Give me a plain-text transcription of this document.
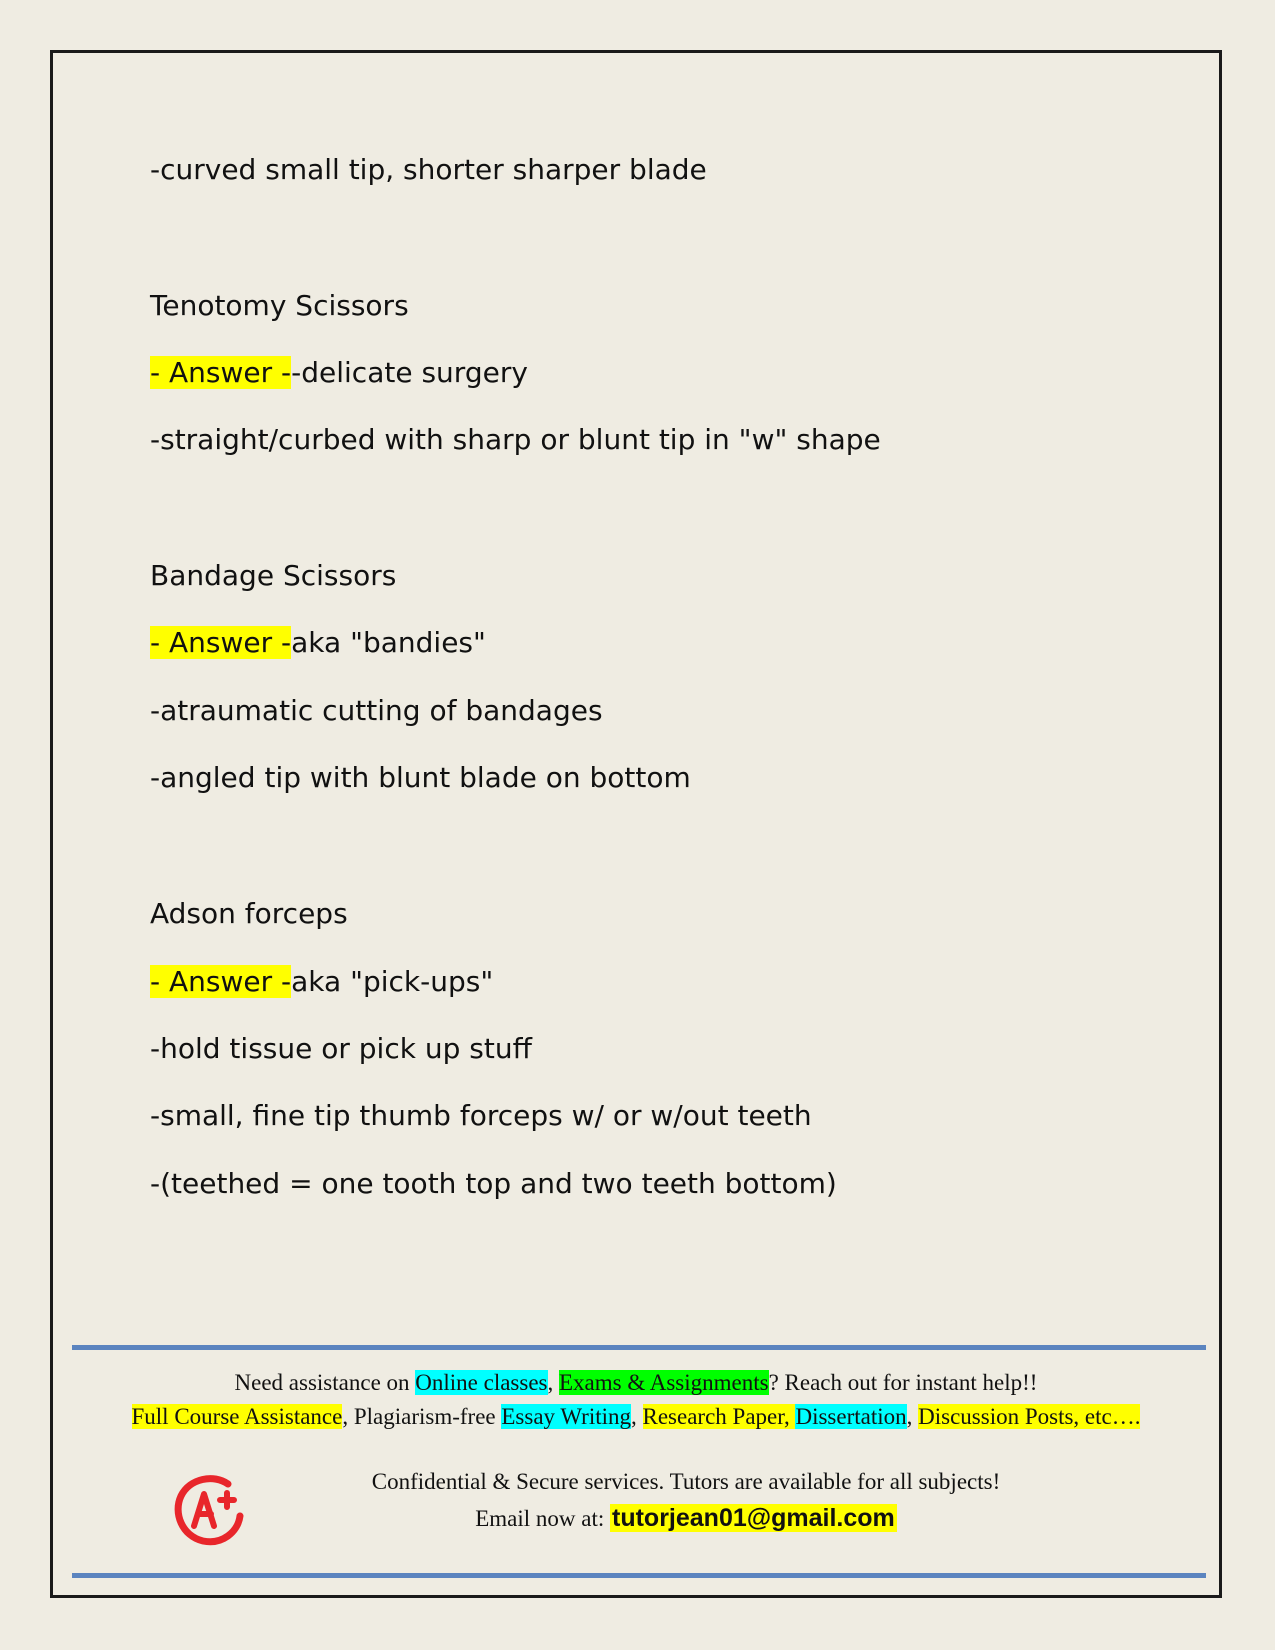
-curved small tip, shorter sharper blade
Tenotomy Scissors
- Answer --delicate surgery
-straight/curbed with sharp or blunt tip in "w" shape
Bandage Scissors
- Answer -aka "bandies"
-atraumatic cutting of bandages
-angled tip with blunt blade on bottom
Adson forceps
- Answer -aka "pick-ups"
-hold tissue or pick up stuff
-small, fine tip thumb forceps w/ or w/out teeth
-(teethed = one tooth top and two teeth bottom)
Need assistance on Online classes, Exams & Assignments? Reach out for instant help!!
Full Course Assistance, Plagiarism-free Essay Writing, Research Paper, Dissertation, Discussion Posts, etc….
Confidential & Secure services. Tutors are available for all subjects!
Email now at: tutorjean01@gmail.com
